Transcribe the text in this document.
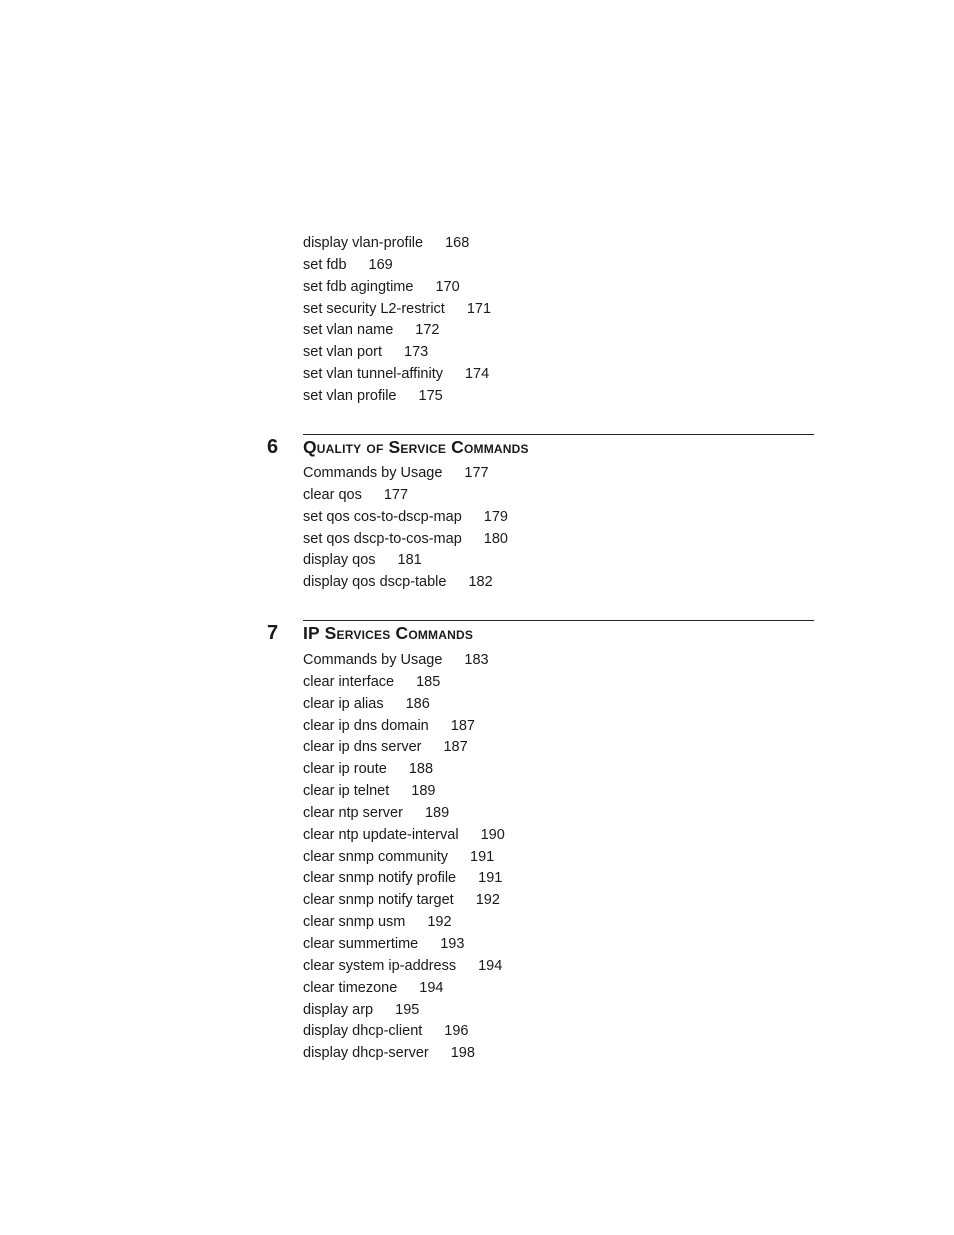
display vlan-profile 168
set fdb 169
set fdb agingtime 170
set security L2-restrict 171
set vlan name 172
set vlan port 173
set vlan tunnel-affinity 174
set vlan profile 175
6 Quality of Service Commands
Commands by Usage 177
clear qos 177
set qos cos-to-dscp-map 179
set qos dscp-to-cos-map 180
display qos 181
display qos dscp-table 182
7 IP Services Commands
Commands by Usage 183
clear interface 185
clear ip alias 186
clear ip dns domain 187
clear ip dns server 187
clear ip route 188
clear ip telnet 189
clear ntp server 189
clear ntp update-interval 190
clear snmp community 191
clear snmp notify profile 191
clear snmp notify target 192
clear snmp usm 192
clear summertime 193
clear system ip-address 194
clear timezone 194
display arp 195
display dhcp-client 196
display dhcp-server 198
